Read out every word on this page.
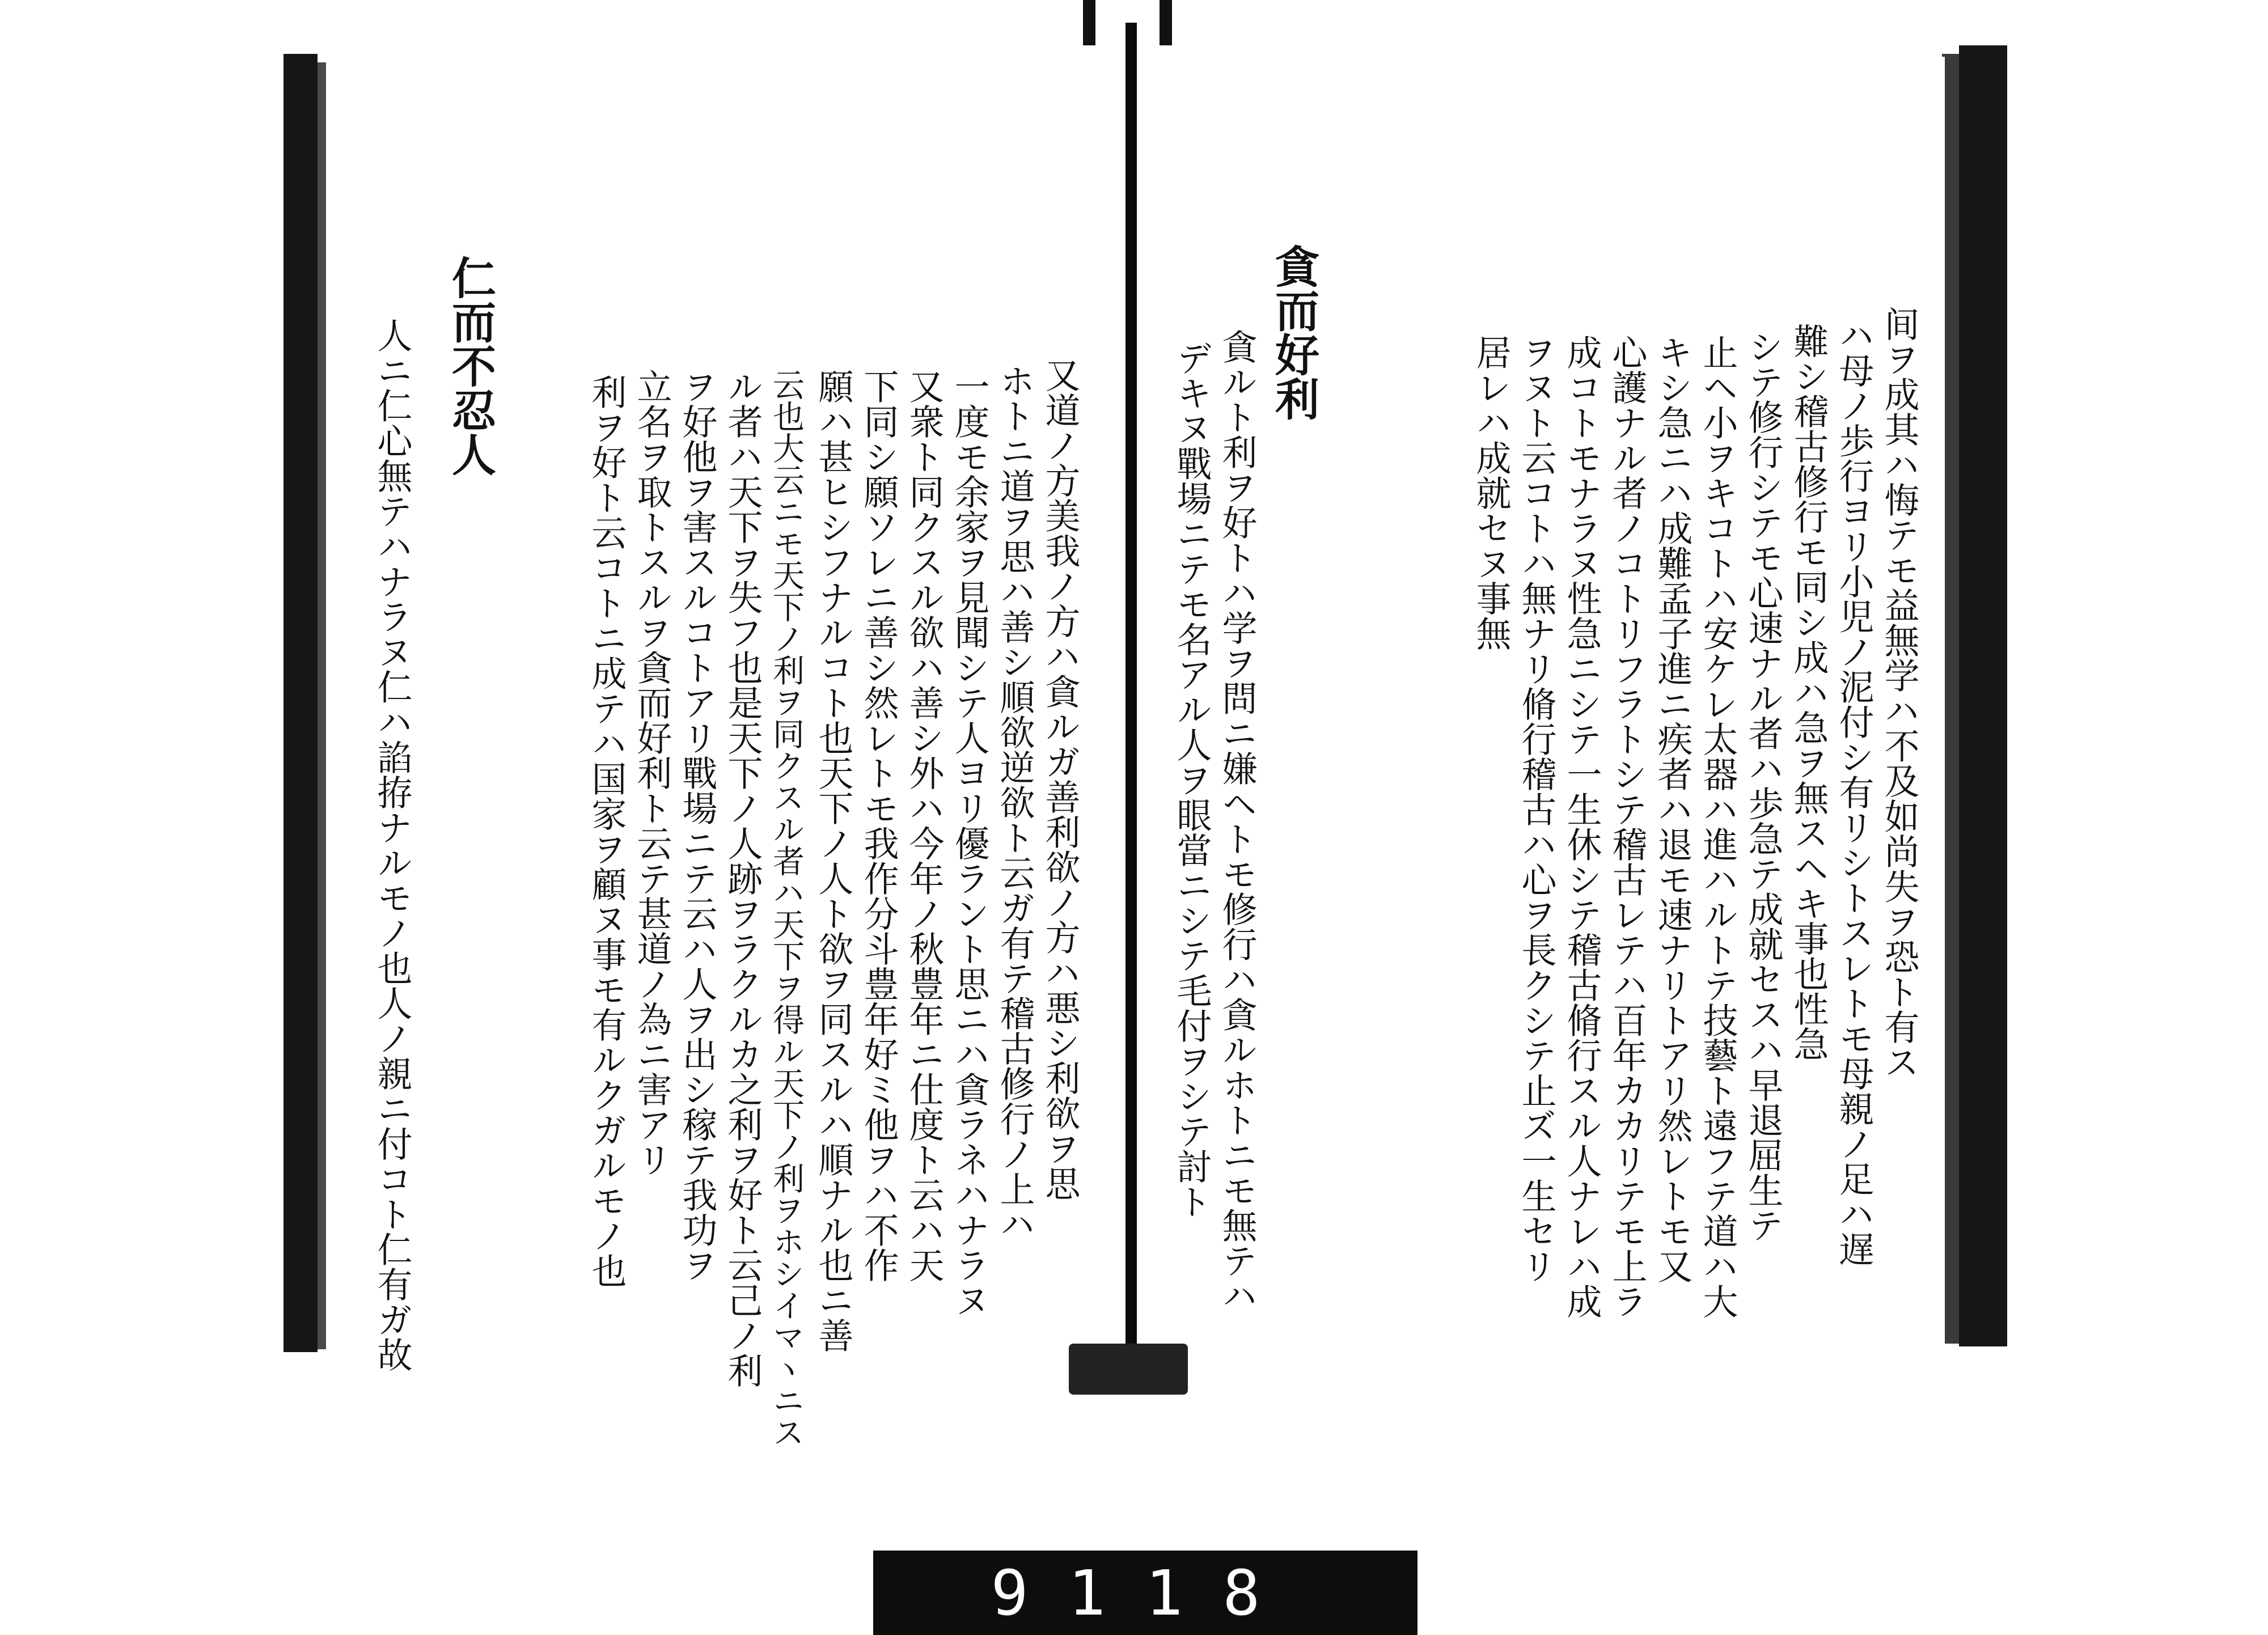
间ヲ成其ハ悔テモ益無学ハ不及如尚失ヲ恐ト有ス
ハ母ノ歩行ヨリ小児ノ泥付シ有リシトスレトモ母親ノ足ハ遅
難シ稽古修行モ同シ成ハ急ヲ無スヘキ事也性急
シテ修行シテモ心速ナル者ハ歩急テ成就セスハ早退屈生テ
止ヘ小ヲキコトハ安ケレ太器ハ進ハルトテ技藝ト遠フテ道ハ大
キシ急ニハ成難孟子進ニ疾者ハ退モ速ナリトアリ然レトモ又
心護ナル者ノコトリフラトシテ稽古レテハ百年カカリテモ上ラ
成コトモナラヌ性急ニシテ一生休シテ稽古脩行スル人ナレハ成
ヲヌト云コトハ無ナリ脩行稽古ハ心ヲ長クシテ止ズ一生セリ
居レハ成就セヌ事無
貪而好利
貪ルト利ヲ好トハ学ヲ問ニ嫌ヘトモ修行ハ貪ルホトニモ無テハ
デキヌ戰場ニテモ名アル人ヲ眼當ニシテ毛付ヲシテ討ト
又道ノ方美我ノ方ハ貪ルガ善利欲ノ方ハ悪シ利欲ヲ思
ホトニ道ヲ思ハ善シ順欲逆欲ト云ガ有テ稽古修行ノ上ハ
一度モ余家ヲ見聞シテ人ヨリ優ラント思ニハ貪ラネハナラヌ
又衆ト同クスル欲ハ善シ外ハ今年ノ秋豊年ニ仕度ト云ハ天
下同シ願ソレニ善シ然レトモ我作分斗豊年好ミ他ヲハ不作
願ハ甚ヒシフナルコト也天下ノ人ト欲ヲ同スルハ順ナル也ニ善
云也大云ニモ天下ノ利ヲ同クスル者ハ天下ヲ得ル天下ノ利ヲホシイマヽニス
ル者ハ天下ヲ失フ也是天下ノ人跡ヲラクルカ之利ヲ好ト云己ノ利
ヲ好他ヲ害スルコトアリ戰場ニテ云ハ人ヲ出シ稼テ我功ヲ
立名ヲ取トスルヲ貪而好利ト云テ甚道ノ為ニ害アリ
利ヲ好ト云コトニ成テハ国家ヲ顧ヌ事モ有ルクガルモノ也
仁而不忍人
人ニ仁心無テハナラヌ仁ハ諂拵ナルモノ也人ノ親ニ付コト仁有ガ故
9118
